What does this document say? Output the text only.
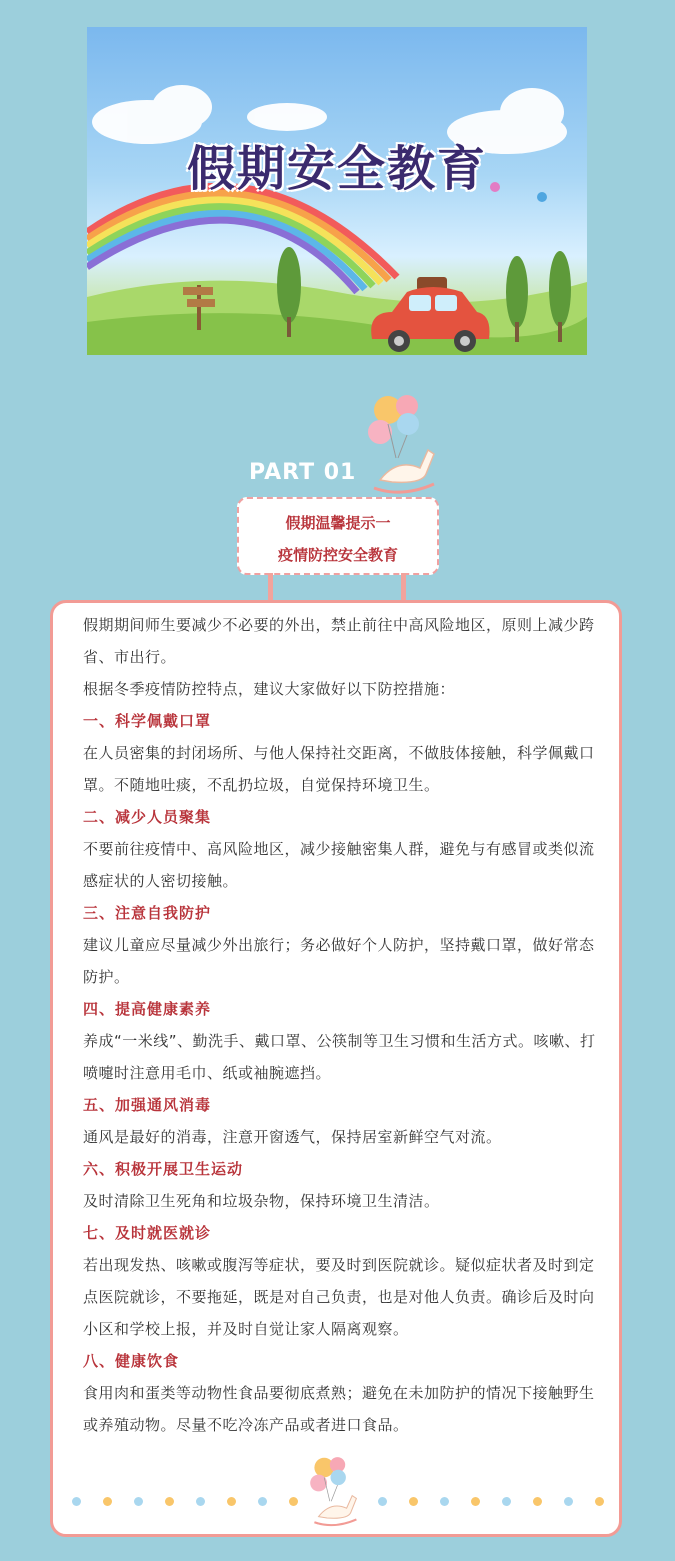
假期安全教育
PART 01
假期温馨提示一
疫情防控安全教育

假期期间师生要减少不必要的外出，禁止前往中高风险地区，原则上减少跨省、市出行。

根据冬季疫情防控特点，建议大家做好以下防控措施：

一、科学佩戴口罩

在人员密集的封闭场所、与他人保持社交距离，不做肢体接触，科学佩戴口罩。不随地吐痰，不乱扔垃圾，自觉保持环境卫生。

二、减少人员聚集

不要前往疫情中、高风险地区，减少接触密集人群，避免与有感冒或类似流感症状的人密切接触。

三、注意自我防护

建议儿童应尽量减少外出旅行；务必做好个人防护，坚持戴口罩，做好常态防护。

四、提高健康素养

养成“一米线”、勤洗手、戴口罩、公筷制等卫生习惯和生活方式。咳嗽、打喷嚏时注意用毛巾、纸或袖腕遮挡。

五、加强通风消毒

通风是最好的消毒，注意开窗透气，保持居室新鲜空气对流。

六、积极开展卫生运动

及时清除卫生死角和垃圾杂物，保持环境卫生清洁。

七、及时就医就诊

若出现发热、咳嗽或腹泻等症状，要及时到医院就诊。疑似症状者及时到定点医院就诊，不要拖延，既是对自己负责，也是对他人负责。确诊后及时向小区和学校上报，并及时自觉让家人隔离观察。

八、健康饮食

食用肉和蛋类等动物性食品要彻底煮熟；避免在未加防护的情况下接触野生或养殖动物。尽量不吃冷冻产品或者进口食品。
